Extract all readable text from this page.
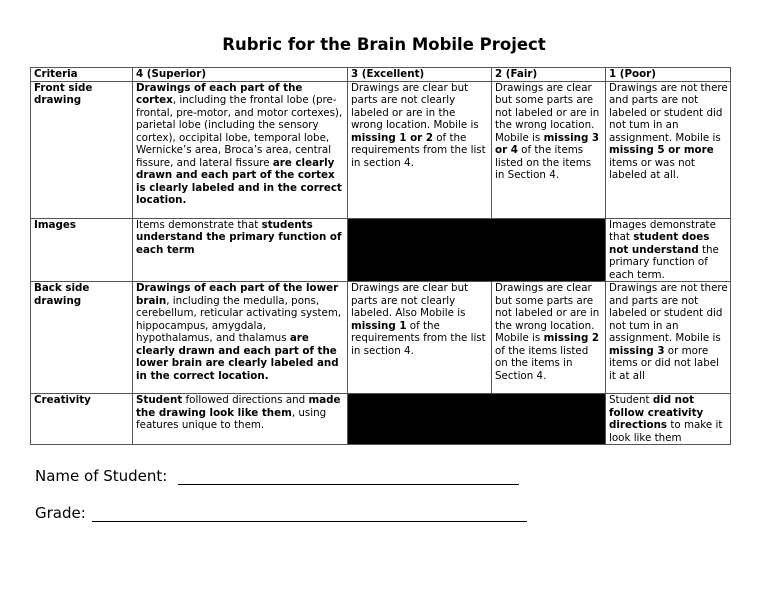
Rubric for the Brain Mobile Project
Criteria	4 (Superior)	3 (Excellent)	2 (Fair)	1 (Poor)
Front side drawing	Drawings of each part of the cortex, including the frontal lobe (pre-frontal, pre-motor, and motor cortexes), parietal lobe (including the sensory cortex), occipital lobe, temporal lobe, Wernicke’s area, Broca’s area, central fissure, and lateral fissure are clearly drawn and each part of the cortex is clearly labeled and in the correct location.	Drawings are clear but parts are not clearly labeled or are in the wrong location. Mobile is missing 1 or 2 of the requirements from the list in section 4.	Drawings are clear but some parts are not labeled or are in the wrong location. Mobile is missing 3 or 4 of the items listed on the items in Section 4.	Drawings are not there and parts are not labeled or student did not tum in an assignment. Mobile is missing 5 or more items or was not labeled at all.
Images	Items demonstrate that students understand the primary function of each term			Images demonstrate that student does not understand the primary function of each term.
Back side drawing	Drawings of each part of the lower brain, including the medulla, pons, cerebellum, reticular activating system, hippocampus, amygdala, hypothalamus, and thalamus are clearly drawn and each part of the lower brain are clearly labeled and in the correct location.	Drawings are clear but parts are not clearly labeled. Also Mobile is missing 1 of the requirements from the list in section 4.	Drawings are clear but some parts are not labeled or are in the wrong location. Mobile is missing 2 of the items listed on the items in Section 4.	Drawings are not there and parts are not labeled or student did not tum in an assignment. Mobile is missing 3 or more items or did not label it at all
Creativity	Student followed directions and made the drawing look like them, using features unique to them.			Student did not follow creativity directions to make it look like them
Name of Student:
Grade:
